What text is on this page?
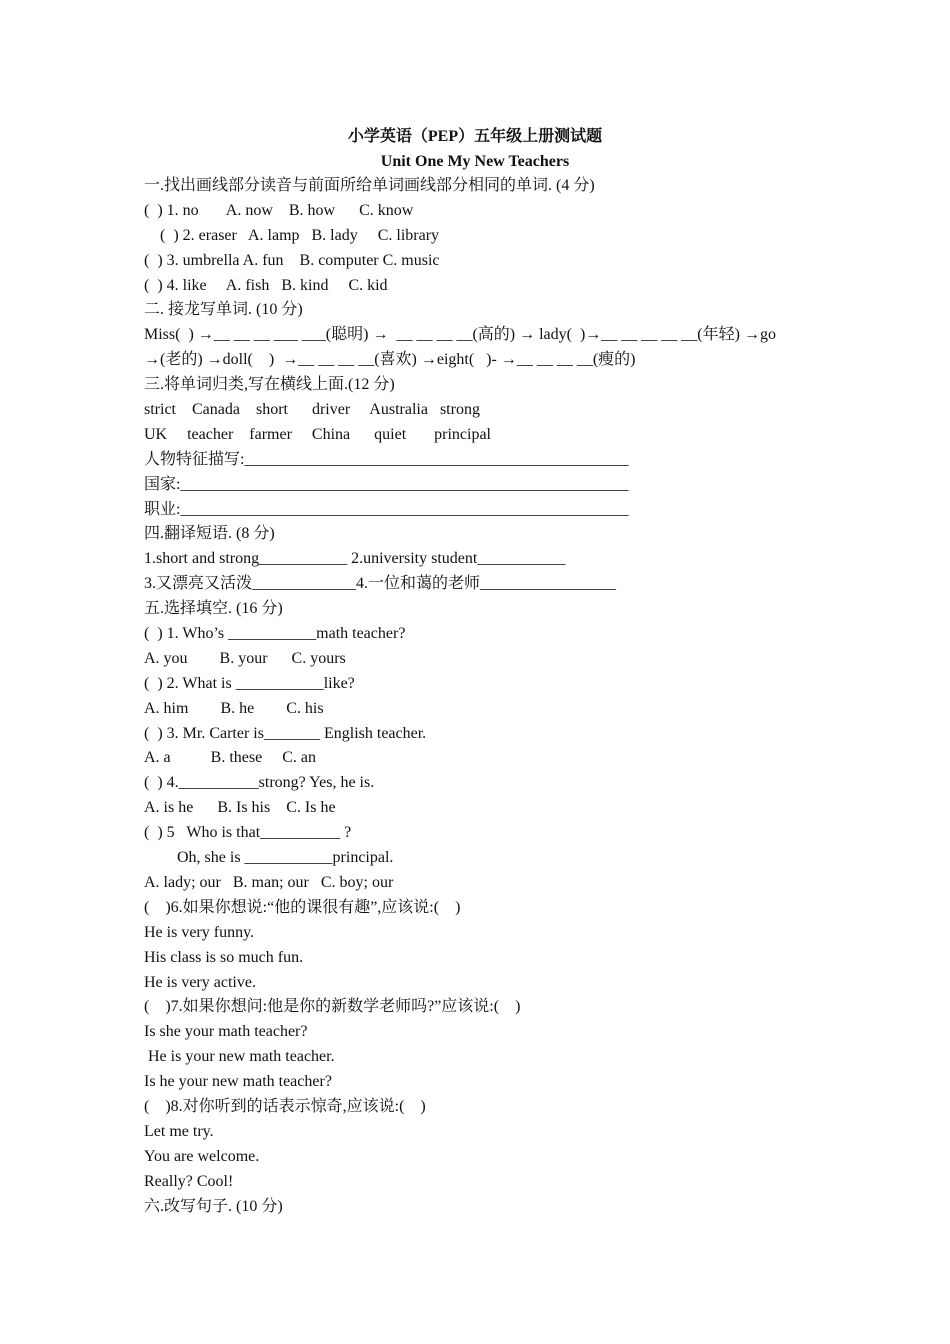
小学英语（PEP）五年级上册测试题
Unit One My New Teachers
一.找出画线部分读音与前面所给单词画线部分相同的单词. (4 分)
(  ) 1. no       A. now    B. how      C. know
(  ) 2. eraser   A. lamp   B. lady     C. library
(  ) 3. umbrella A. fun    B. computer C. music
(  ) 4. like     A. fish   B. kind     C. kid
二. 接龙写单词. (10 分)
Miss(  ) →__ __ __ ___ ___(聪明) →  __ __ __ __(高的) → lady(  )→__ __ __ __ __(年轻) →go
→(老的) →doll(    )  →__ __ __ __(喜欢) →eight(   )- →__ __ __ __(瘦的)
三.将单词归类,写在横线上面.(12 分)
strict    Canada    short      driver     Australia   strong
UK     teacher    farmer     China      quiet       principal
人物特征描写:________________________________________________
国家:________________________________________________________
职业:________________________________________________________
四.翻译短语. (8 分)
1.short and strong___________ 2.university student___________
3.又漂亮又活泼_____________4.一位和蔼的老师_________________
五.选择填空. (16 分)
(  ) 1. Who’s ___________math teacher?
A. you        B. your      C. yours
(  ) 2. What is ___________like?
A. him        B. he        C. his
(  ) 3. Mr. Carter is_______ English teacher.
A. a          B. these     C. an
(  ) 4.__________strong? Yes, he is.
A. is he      B. Is his    C. Is he
(  ) 5   Who is that__________ ?
Oh, she is ___________principal.
A. lady; our   B. man; our   C. boy; our
(    )6.如果你想说:“他的课很有趣”,应该说:(    )
He is very funny.
His class is so much fun.
He is very active.
(    )7.如果你想问:他是你的新数学老师吗?”应该说:(    )
Is she your math teacher?
He is your new math teacher.
Is he your new math teacher?
(    )8.对你听到的话表示惊奇,应该说:(    )
Let me try.
You are welcome.
Really? Cool!
六.改写句子. (10 分)
